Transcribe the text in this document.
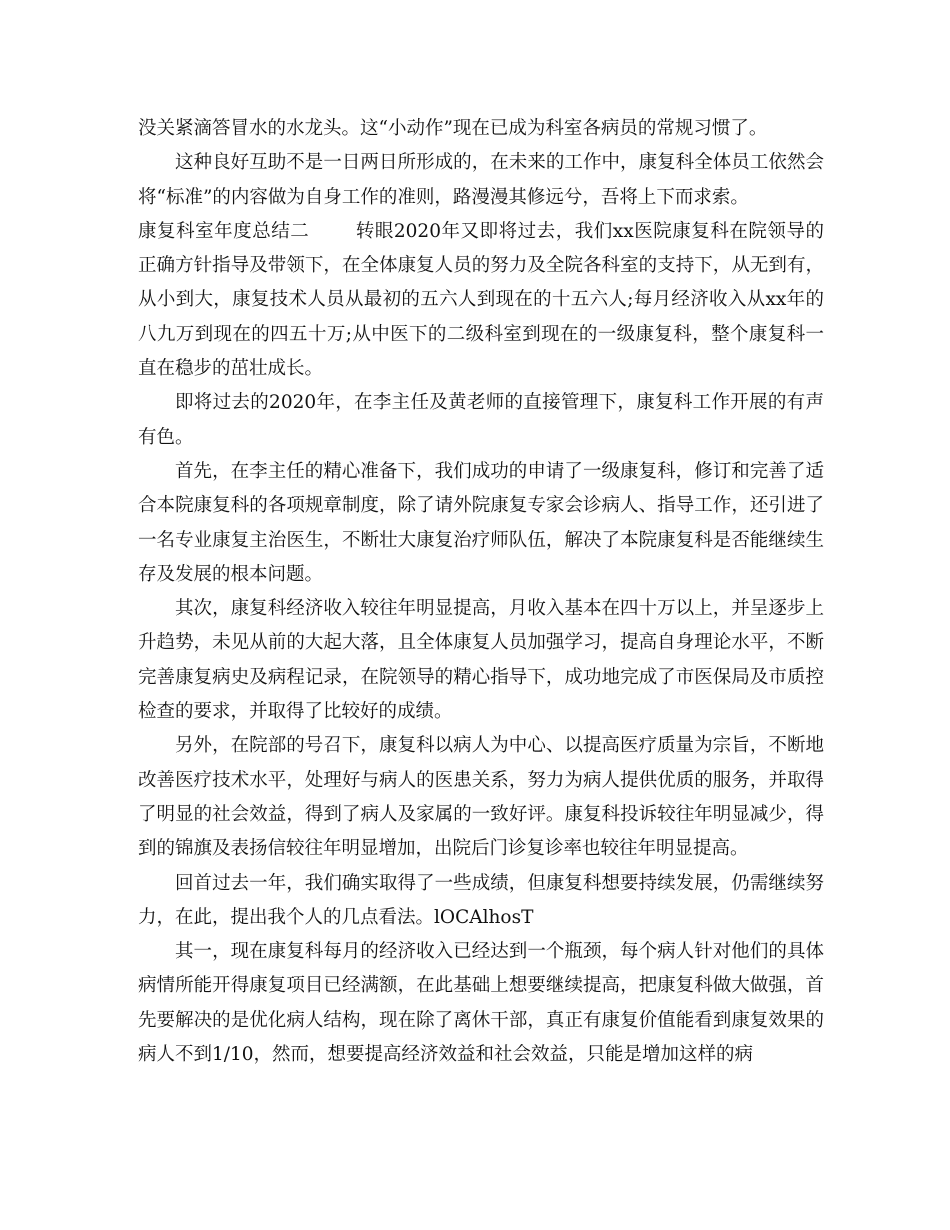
没关紧滴答冒水的水龙头。这“小动作”现在已成为科室各病员的常规习惯了。

这种良好互助不是一日两日所形成的，在未来的工作中，康复科全体员工依然会将“标准”的内容做为自身工作的准则，路漫漫其修远兮，吾将上下而求索。

康复科室年度总结二 转眼2020年又即将过去，我们xx医院康复科在院领导的正确方针指导及带领下，在全体康复人员的努力及全院各科室的支持下，从无到有，从小到大，康复技术人员从最初的五六人到现在的十五六人;每月经济收入从xx年的八九万到现在的四五十万;从中医下的二级科室到现在的一级康复科，整个康复科一直在稳步的茁壮成长。

即将过去的2020年，在李主任及黄老师的直接管理下，康复科工作开展的有声有色。

首先，在李主任的精心准备下，我们成功的申请了一级康复科，修订和完善了适合本院康复科的各项规章制度，除了请外院康复专家会诊病人、指导工作，还引进了一名专业康复主治医生，不断壮大康复治疗师队伍，解决了本院康复科是否能继续生存及发展的根本问题。

其次，康复科经济收入较往年明显提高，月收入基本在四十万以上，并呈逐步上升趋势，未见从前的大起大落，且全体康复人员加强学习，提高自身理论水平，不断完善康复病史及病程记录，在院领导的精心指导下，成功地完成了市医保局及市质控检查的要求，并取得了比较好的成绩。

另外，在院部的号召下，康复科以病人为中心、以提高医疗质量为宗旨，不断地改善医疗技术水平，处理好与病人的医患关系，努力为病人提供优质的服务，并取得了明显的社会效益，得到了病人及家属的一致好评。康复科投诉较往年明显减少，得到的锦旗及表扬信较往年明显增加，出院后门诊复诊率也较往年明显提高。

回首过去一年，我们确实取得了一些成绩，但康复科想要持续发展，仍需继续努力，在此，提出我个人的几点看法。lOCAlhosT

其一，现在康复科每月的经济收入已经达到一个瓶颈，每个病人针对他们的具体病情所能开得康复项目已经满额，在此基础上想要继续提高，把康复科做大做强，首先要解决的是优化病人结构，现在除了离休干部，真正有康复价值能看到康复效果的病人不到1/10，然而，想要提高经济效益和社会效益，只能是增加这样的病
